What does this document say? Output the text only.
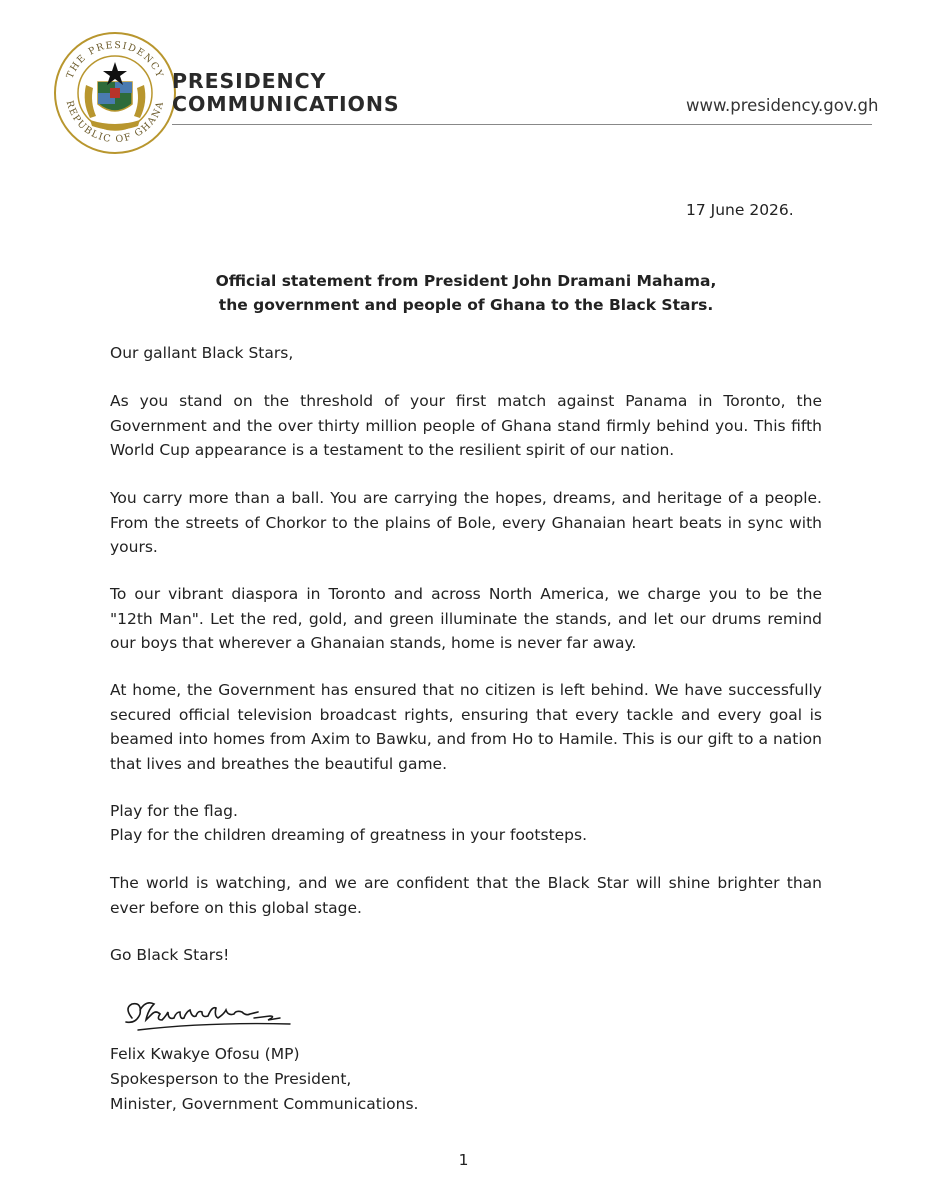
THE PRESIDENCY
REPUBLIC OF GHANA
PRESIDENCY
COMMUNICATIONS	www.presidency.gov.gh
17 June 2026.
Official statement from President John Dramani Mahama,
the government and people of Ghana to the Black Stars.
Our gallant Black Stars,
As you stand on the threshold of your first match against Panama in Toronto, the Government and the over thirty million people of Ghana stand firmly behind you. This fifth World Cup appearance is a testament to the resilient spirit of our nation.
You carry more than a ball. You are carrying the hopes, dreams, and heritage of a people. From the streets of Chorkor to the plains of Bole, every Ghanaian heart beats in sync with yours.
To our vibrant diaspora in Toronto and across North America, we charge you to be the "12th Man". Let the red, gold, and green illuminate the stands, and let our drums remind our boys that wherever a Ghanaian stands, home is never far away.
At home, the Government has ensured that no citizen is left behind. We have successfully secured official television broadcast rights, ensuring that every tackle and every goal is beamed into homes from Axim to Bawku, and from Ho to Hamile. This is our gift to a nation that lives and breathes the beautiful game.
Play for the flag.
Play for the children dreaming of greatness in your footsteps.
The world is watching, and we are confident that the Black Star will shine brighter than ever before on this global stage.
Go Black Stars!
Felix Kwakye Ofosu (MP)
Spokesperson to the President,
Minister, Government Communications.
1
